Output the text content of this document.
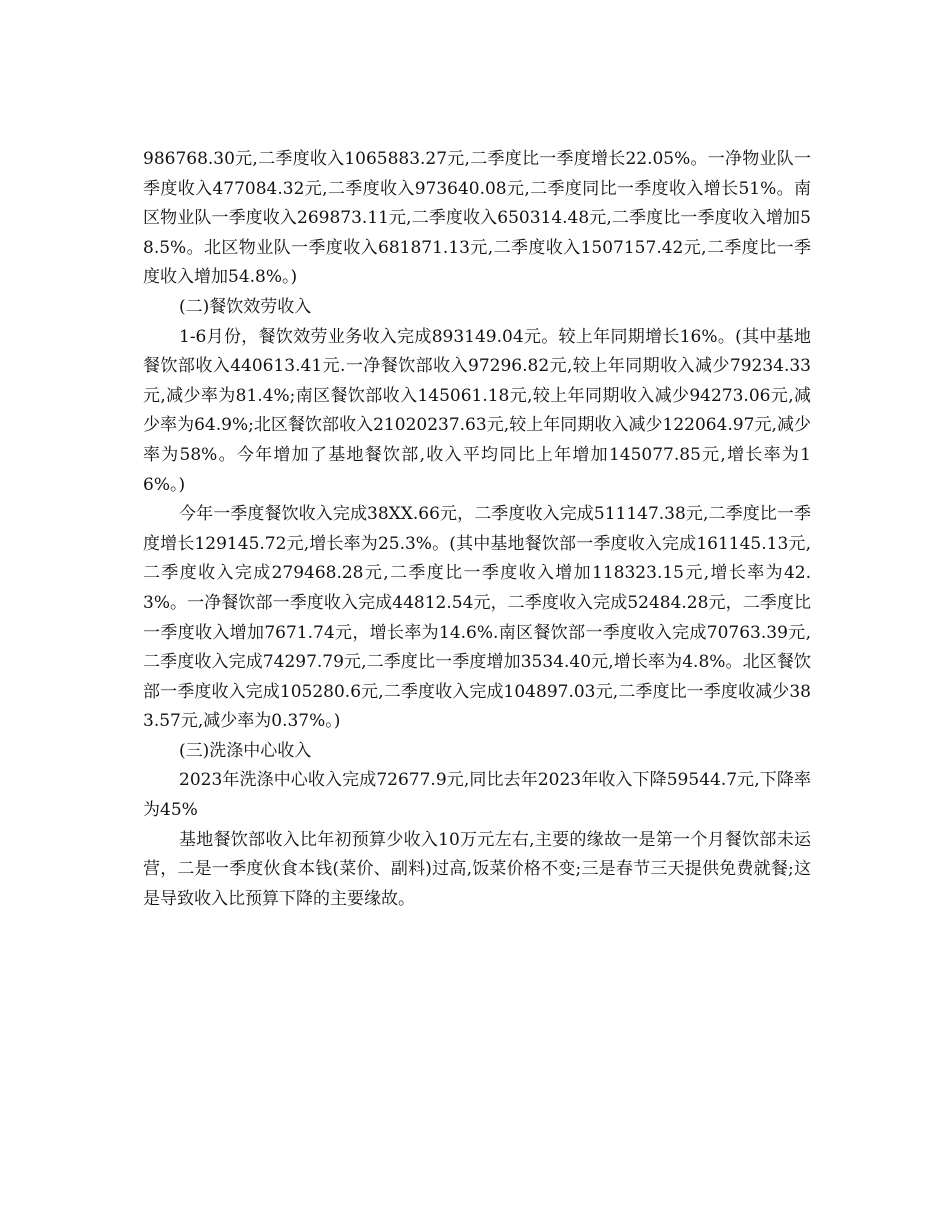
986768.30元,二季度收入1065883.27元,二季度比一季度增长22.05%。一净物业队一季度收入477084.32元,二季度收入973640.08元,二季度同比一季度收入增长51%。南区物业队一季度收入269873.11元,二季度收入650314.48元,二季度比一季度收入增加58.5%。北区物业队一季度收入681871.13元,二季度收入1507157.42元,二季度比一季度收入增加54.8%。)

(二)餐饮效劳收入

1-6月份，餐饮效劳业务收入完成893149.04元。较上年同期增长16%。(其中基地餐饮部收入440613.41元.一净餐饮部收入97296.82元,较上年同期收入减少79234.33元,减少率为81.4%;南区餐饮部收入145061.18元,较上年同期收入减少94273.06元,减少率为64.9%;北区餐饮部收入21020237.63元,较上年同期收入减少122064.97元,减少率为58%。今年增加了基地餐饮部,收入平均同比上年增加145077.85元,增长率为16%。)

今年一季度餐饮收入完成38XX.66元，二季度收入完成511147.38元,二季度比一季度增长129145.72元,增长率为25.3%。(其中基地餐饮部一季度收入完成161145.13元,二季度收入完成279468.28元,二季度比一季度收入增加118323.15元,增长率为42.3%。一净餐饮部一季度收入完成44812.54元，二季度收入完成52484.28元，二季度比一季度收入增加7671.74元，增长率为14.6%.南区餐饮部一季度收入完成70763.39元,二季度收入完成74297.79元,二季度比一季度增加3534.40元,增长率为4.8%。北区餐饮部一季度收入完成105280.6元,二季度收入完成104897.03元,二季度比一季度收减少383.57元,减少率为0.37%。)

(三)洗涤中心收入

2023年洗涤中心收入完成72677.9元,同比去年2023年收入下降59544.7元,下降率为45%

基地餐饮部收入比年初预算少收入10万元左右,主要的缘故一是第一个月餐饮部未运营，二是一季度伙食本钱(菜价、副料)过高,饭菜价格不变;三是春节三天提供免费就餐;这是导致收入比预算下降的主要缘故。
